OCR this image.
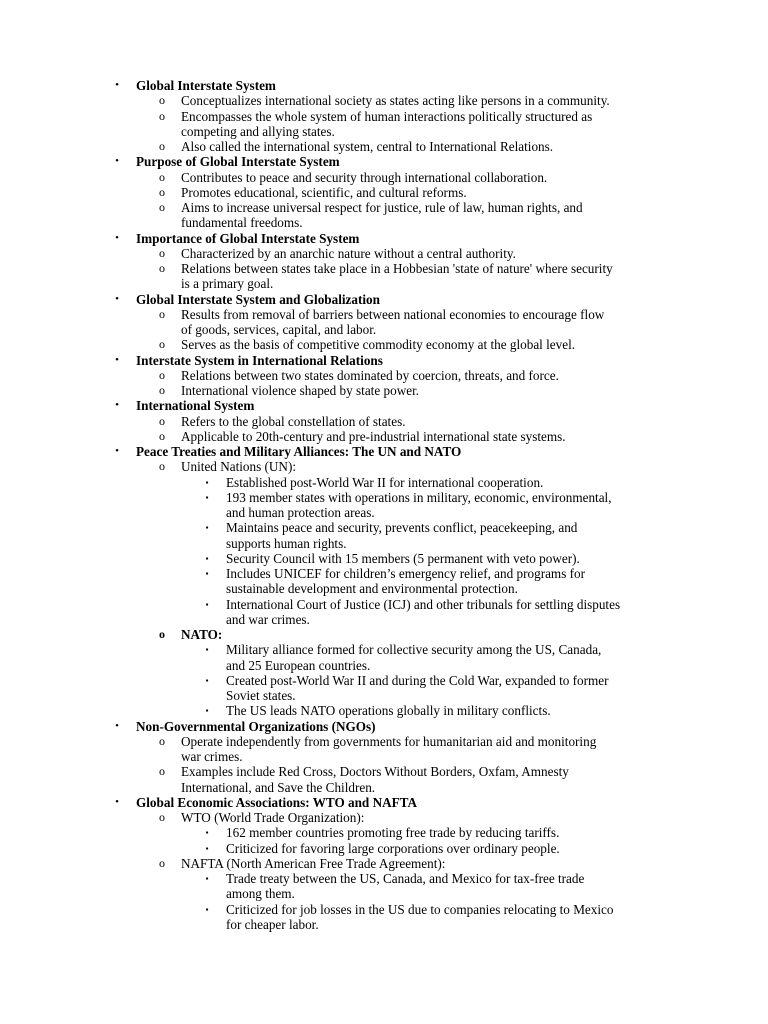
•	Global Interstate System
o	Conceptualizes international society as states acting like persons in a community.
o	Encompasses the whole system of human interactions politically structured as
competing and allying states.
o	Also called the international system, central to International Relations.
•	Purpose of Global Interstate System
o	Contributes to peace and security through international collaboration.
o	Promotes educational, scientific, and cultural reforms.
o	Aims to increase universal respect for justice, rule of law, human rights, and
fundamental freedoms.
•	Importance of Global Interstate System
o	Characterized by an anarchic nature without a central authority.
o	Relations between states take place in a Hobbesian 'state of nature' where security
is a primary goal.
•	Global Interstate System and Globalization
o	Results from removal of barriers between national economies to encourage flow
of goods, services, capital, and labor.
o	Serves as the basis of competitive commodity economy at the global level.
•	Interstate System in International Relations
o	Relations between two states dominated by coercion, threats, and force.
o	International violence shaped by state power.
•	International System
o	Refers to the global constellation of states.
o	Applicable to 20th-century and pre-industrial international state systems.
•	Peace Treaties and Military Alliances: The UN and NATO
o	United Nations (UN):
▪	Established post-World War II for international cooperation.
▪	193 member states with operations in military, economic, environmental,
and human protection areas.
▪	Maintains peace and security, prevents conflict, peacekeeping, and
supports human rights.
▪	Security Council with 15 members (5 permanent with veto power).
▪	Includes UNICEF for children’s emergency relief, and programs for
sustainable development and environmental protection.
▪	International Court of Justice (ICJ) and other tribunals for settling disputes
and war crimes.
o	NATO:
▪	Military alliance formed for collective security among the US, Canada,
and 25 European countries.
▪	Created post-World War II and during the Cold War, expanded to former
Soviet states.
▪	The US leads NATO operations globally in military conflicts.
•	Non-Governmental Organizations (NGOs)
o	Operate independently from governments for humanitarian aid and monitoring
war crimes.
o	Examples include Red Cross, Doctors Without Borders, Oxfam, Amnesty
International, and Save the Children.
•	Global Economic Associations: WTO and NAFTA
o	WTO (World Trade Organization):
▪	162 member countries promoting free trade by reducing tariffs.
▪	Criticized for favoring large corporations over ordinary people.
o	NAFTA (North American Free Trade Agreement):
▪	Trade treaty between the US, Canada, and Mexico for tax-free trade
among them.
▪	Criticized for job losses in the US due to companies relocating to Mexico
for cheaper labor.
